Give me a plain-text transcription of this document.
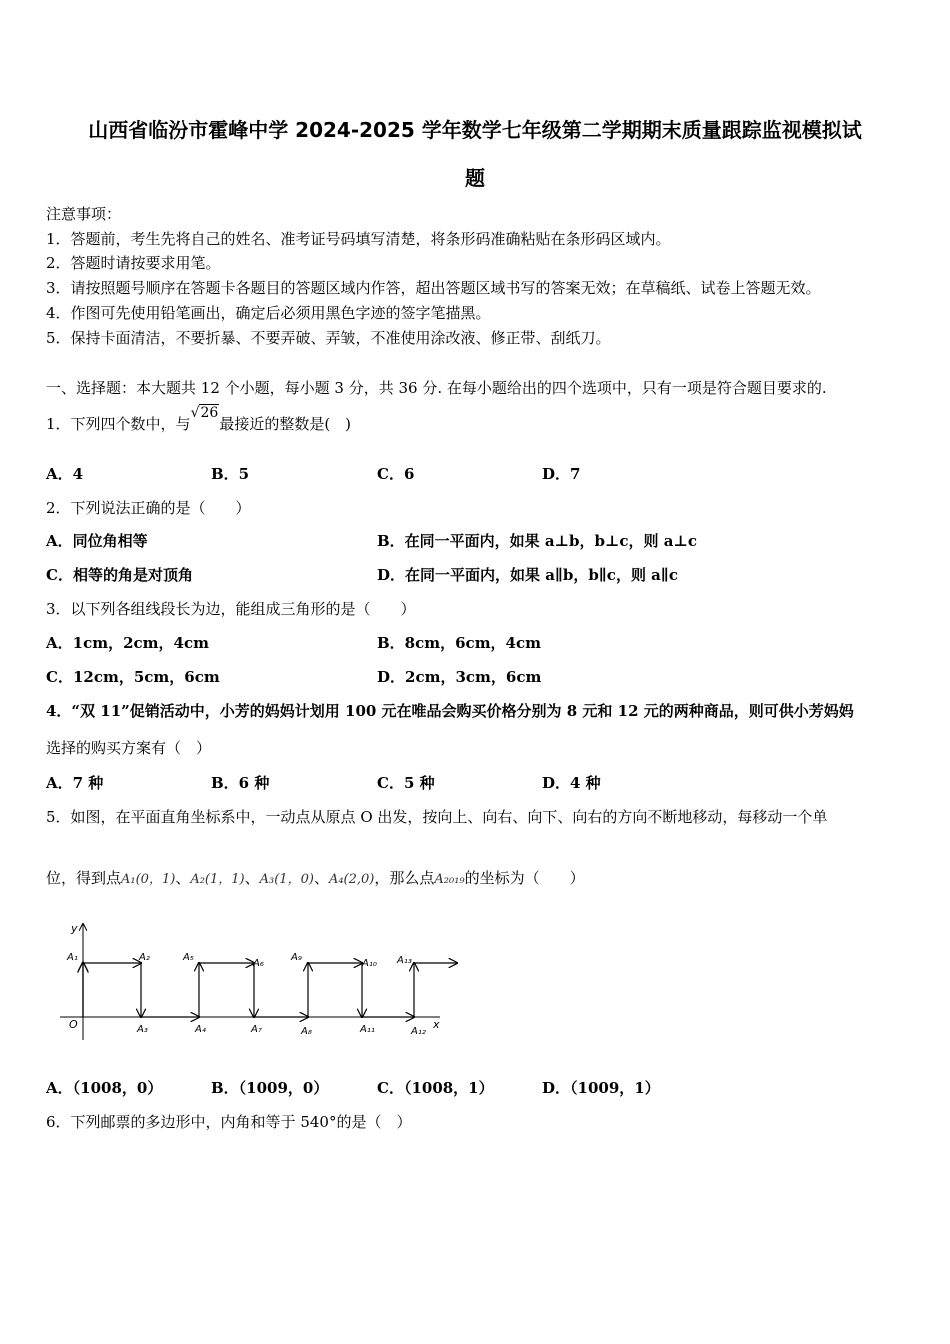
山西省临汾市霍峰中学 2024-2025 学年数学七年级第二学期期末质量跟踪监视模拟试
题
注意事项：
1．答题前，考生先将自己的姓名、准考证号码填写清楚，将条形码准确粘贴在条形码区域内。
2．答题时请按要求用笔。
3．请按照题号顺序在答题卡各题目的答题区域内作答，超出答题区域书写的答案无效；在草稿纸、试卷上答题无效。
4．作图可先使用铅笔画出，确定后必须用黑色字迹的签字笔描黑。
5．保持卡面清洁，不要折暴、不要弄破、弄皱，不准使用涂改液、修正带、刮纸刀。
一、选择题：本大题共 12 个小题，每小题 3 分，共 36 分. 在每小题给出的四个选项中，只有一项是符合题目要求的.
1．下列四个数中，与√26最接近的整数是(　)
A．4	B．5	C．6	D．7
2．下列说法正确的是（　　）
A．同位角相等	B．在同一平面内，如果 a⊥b，b⊥c，则 a⊥c
C．相等的角是对顶角	D．在同一平面内，如果 a∥b，b∥c，则 a∥c
3．以下列各组线段长为边，能组成三角形的是（　　）
A．1cm，2cm，4cm	B．8cm，6cm，4cm
C．12cm，5cm，6cm	D．2cm，3cm，6cm
4．“双 11”促销活动中，小芳的妈妈计划用 100 元在唯品会购买价格分别为 8 元和 12 元的两种商品，则可供小芳妈妈
选择的购买方案有（　）
A．7 种	B．6 种	C．5 种	D．4 种
5．如图，在平面直角坐标系中，一动点从原点 O 出发，按向上、向右、向下、向右的方向不断地移动，每移动一个单
位，得到点A₁(0，1)、A₂(1，1)、A₃(1，0)、A₄(2,0)，那么点A₂₀₁₉的坐标为（　　）
x
y
O
A₁	A₂	A₅
A₆
A₉
A₁₀ A₁₃
A₃	A₄	A₇	A₈	A₁₁	A₁₂
A．（1008，0）	B．（1009，0）	C．（1008，1）	D．（1009，1）
6．下列邮票的多边形中，内角和等于 540°的是（　）
